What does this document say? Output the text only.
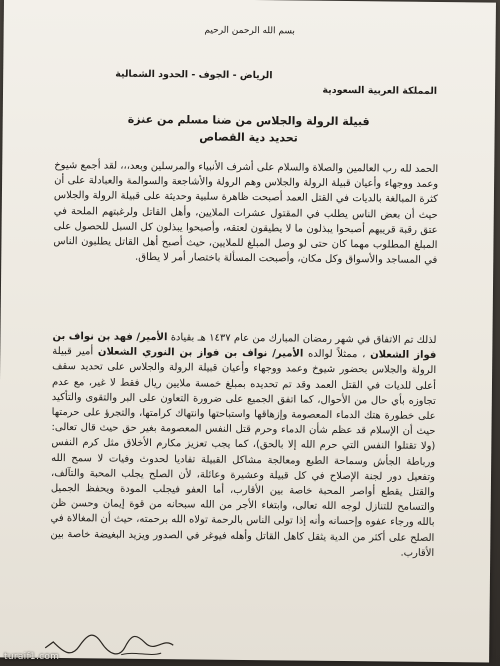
بسم الله الرحمن الرحيم
المملكة العربية السعودية
الرياض - الجوف - الحدود الشمالية
قبيلة الرولة والجلاس من ضنا مسلم من عنزة
تحديد دية القصاص
الحمد لله رب العالمين والصلاة والسلام على أشرف الأنبياء والمرسلين وبعد،،، لقد أجمع شيوخ وعمد ووجهاء وأعيان قبيلة الرولة والجلاس وهم الرولة والأشاجعة والسوالمة والعبادلة على أن كثرة المبالغة بالديات في القتل العمد أصبحت ظاهرة سلبية وحديثة على قبيلة الرولة والجلاس حيث أن بعض الناس يطلب في المقتول عشرات الملايين، وأهل القاتل ولرغبتهم الملحة في عتق رقبة قريبهم أصبحوا يبذلون ما لا يطيقون لعتقه، وأصبحوا يبذلون كل السبل للحصول على المبلغ المطلوب مهما كان حتى لو وصل المبلغ للملايين، حيث أصبح أهل القاتل يطلبون الناس في المساجد والأسواق وكل مكان، وأصبحت المسألة باختصار أمر لا يطاق.
لذلك تم الاتفاق في شهر رمضان المبارك من عام ١٤٣٧ هـ بقيادة الأمير/ فهد بن نواف بن فواز الشعلان ، ممثلاً لوالده الأمير/ نواف بن فواز بن النوري الشعلان أمير قبيلة الرولة والجلاس بحضور شيوخ وعمد ووجهاء وأعيان قبيلة الرولة والجلاس على تحديد سقف أعلى للديات في القتل العمد وقد تم تحديده بمبلغ خمسة ملايين ريال فقط لا غير، مع عدم تجاوزه بأي حال من الأحوال، كما اتفق الجميع على ضرورة التعاون على البر والتقوى والتأكيد على خطورة هتك الدماء المعصومة وإزهاقها واستباحتها وانتهاك كرامتها، والتجرؤ على حرمتها حيث أن الإسلام قد عظم شأن الدماء وحرم قتل النفس المعصومة بغير حق حيث قال تعالى: (ولا تقتلوا النفس التي حرم الله إلا بالحق)، كما يجب تعزيز مكارم الأخلاق مثل كرم النفس ورباطة الجأش وسماحة الطبع ومعالجة مشاكل القبيلة تفاديا لحدوث وفيات لا سمح الله وتفعيل دور لجنة الإصلاح في كل قبيلة وعشيرة وعائلة، لأن الصلح يجلب المحبة والتآلف، والقتل يقطع أواصر المحبة خاصة بين الأقارب، أما العفو فيجلب المودة ويحفظ الجميل والتسامح للتنازل لوجه الله تعالى، وابتغاء الأجر من الله سبحانه من قوة إيمان وحسن ظن بالله ورجاء عفوه وإحسانه وأنه إذا تولى الناس بالرحمة تولاه الله برحمته، حيث أن المغالاة في الصلح على أكثر من الدية يثقل كاهل القاتل وأهله فيوغر في الصدور ويزيد البغيضة خاصة بين الأقارب.
turaif1.com
